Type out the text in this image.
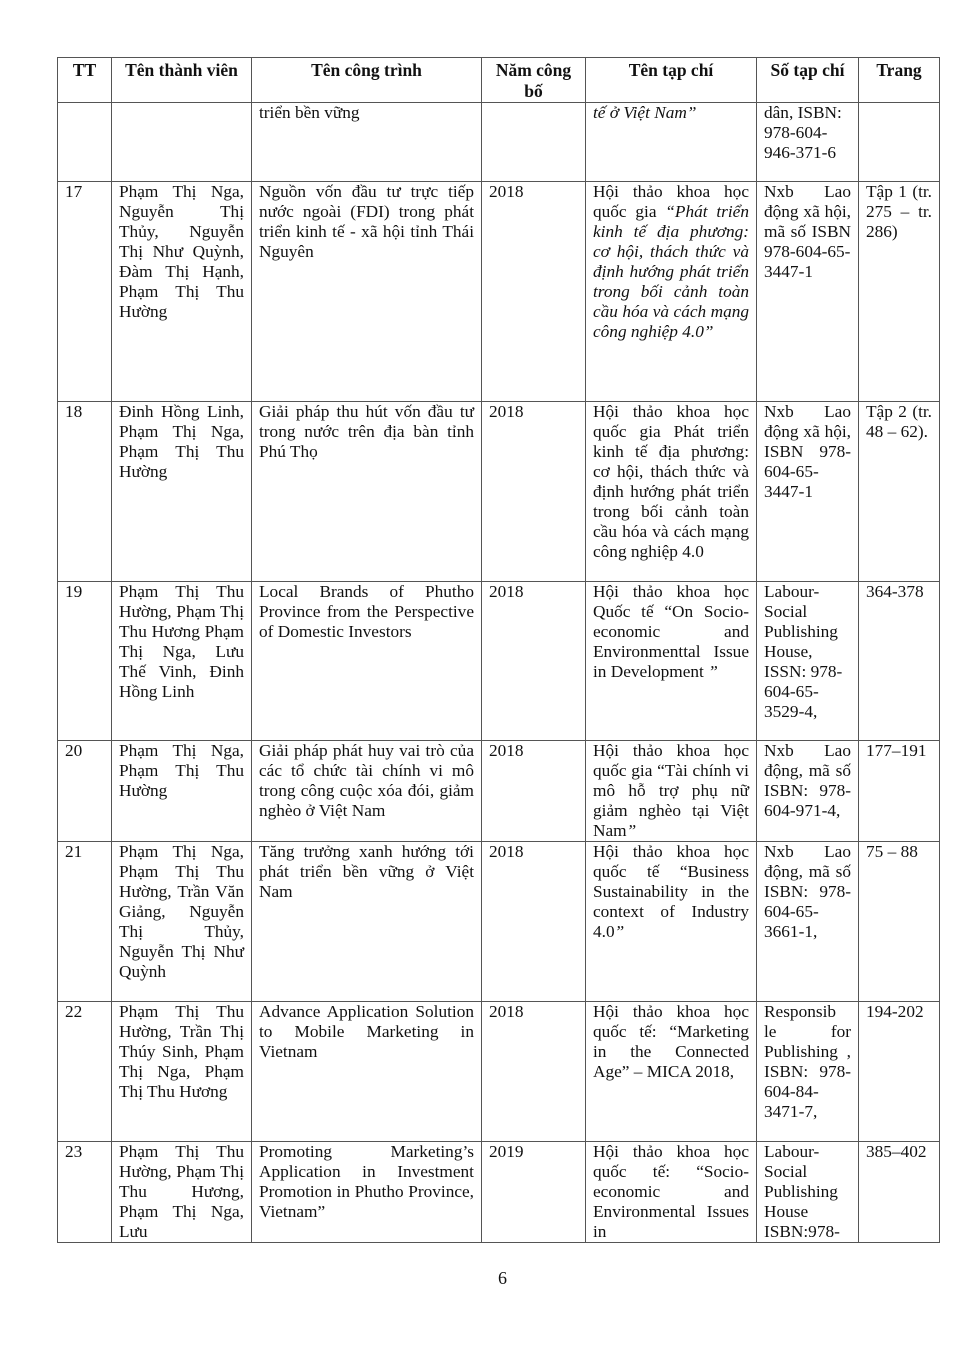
TT	Tên thành viên	Tên công trình	Năm công bố	Tên tạp chí	Số tạp chí	Trang
		triển bền vững		tế ở Việt Nam”	dân, ISBN: 978-604-946-371-6	
17	Phạm Thị Nga, Nguyễn Thị Thủy, Nguyễn Thị Như Quỳnh, Đàm Thị Hạnh, Phạm Thị Thu Hường	Nguồn vốn đầu tư trực tiếp nước ngoài (FDI) trong phát triển kinh tế - xã hội tỉnh Thái Nguyên	2018	Hội thảo khoa học quốc gia “Phát triển kinh tế địa phương: cơ hội, thách thức và định hướng phát triển trong bối cảnh toàn cầu hóa và cách mạng công nghiệp 4.0”	Nxb Lao động xã hội, mã số ISBN 978-604-65-3447-1	Tập 1 (tr. 275 – tr. 286)
18	Đinh Hồng Linh, Phạm Thị Nga, Phạm Thị Thu Hường	Giải pháp thu hút vốn đầu tư trong nước trên địa bàn tỉnh Phú Thọ	2018	Hội thảo khoa học quốc gia Phát triển kinh tế địa phương: cơ hội, thách thức và định hướng phát triển trong bối cảnh toàn cầu hóa và cách mạng công nghiệp 4.0	Nxb Lao động xã hội, ISBN 978-604-65-3447-1	Tập 2 (tr. 48 – 62).
19	Phạm Thị Thu Hường, Phạm Thị Thu Hương Phạm Thị Nga, Lưu Thế Vinh, Đinh Hồng Linh	Local Brands of Phutho Province from the Perspective of Domestic Investors	2018	Hội thảo khoa học Quốc tế “On Socio-economic and Environmenttal Issue in Development ”	Labour-Social Publishing House, ISSN: 978-604-65-3529-4,	364-378
20	Phạm Thị Nga, Phạm Thị Thu Hường	Giải pháp phát huy vai trò của các tổ chức tài chính vi mô trong công cuộc xóa đói, giảm nghèo ở Việt Nam	2018	Hội thảo khoa học quốc gia “Tài chính vi mô hỗ trợ phụ nữ giảm nghèo tại Việt Nam”	Nxb Lao động, mã số ISBN: 978-604-971-4,	177–191
21	Phạm Thị Nga, Phạm Thị Thu Hường, Trần Văn Giảng, Nguyễn Thị Thủy, Nguyễn Thị Như Quỳnh	Tăng trưởng xanh hướng tới phát triển bền vững ở Việt Nam	2018	Hội thảo khoa học quốc tế “Business Sustainability in the context of Industry 4.0”	Nxb Lao động, mã số ISBN: 978-604-65-3661-1,	75 – 88
22	Phạm Thị Thu Hường, Trần Thị Thúy Sinh, Phạm Thị Nga, Phạm Thị Thu Hương	Advance Application Solution to Mobile Marketing in Vietnam	2018	Hội thảo khoa học quốc tế: “Marketing in the Connected Age” – MICA 2018,	Responsib le for Publishing , ISBN: 978-604-84-3471-7,	194-202
23	Phạm Thị Thu Hường, Phạm Thị Thu Hương, Phạm Thị Nga, Lưu	Promoting Marketing’s Application in Investment Promotion in Phutho Province, Vietnam”	2019	Hội thảo khoa học quốc tế: “Socio-economic and Environmental Issues in	Labour-Social Publishing House ISBN:978-	385–402
6
